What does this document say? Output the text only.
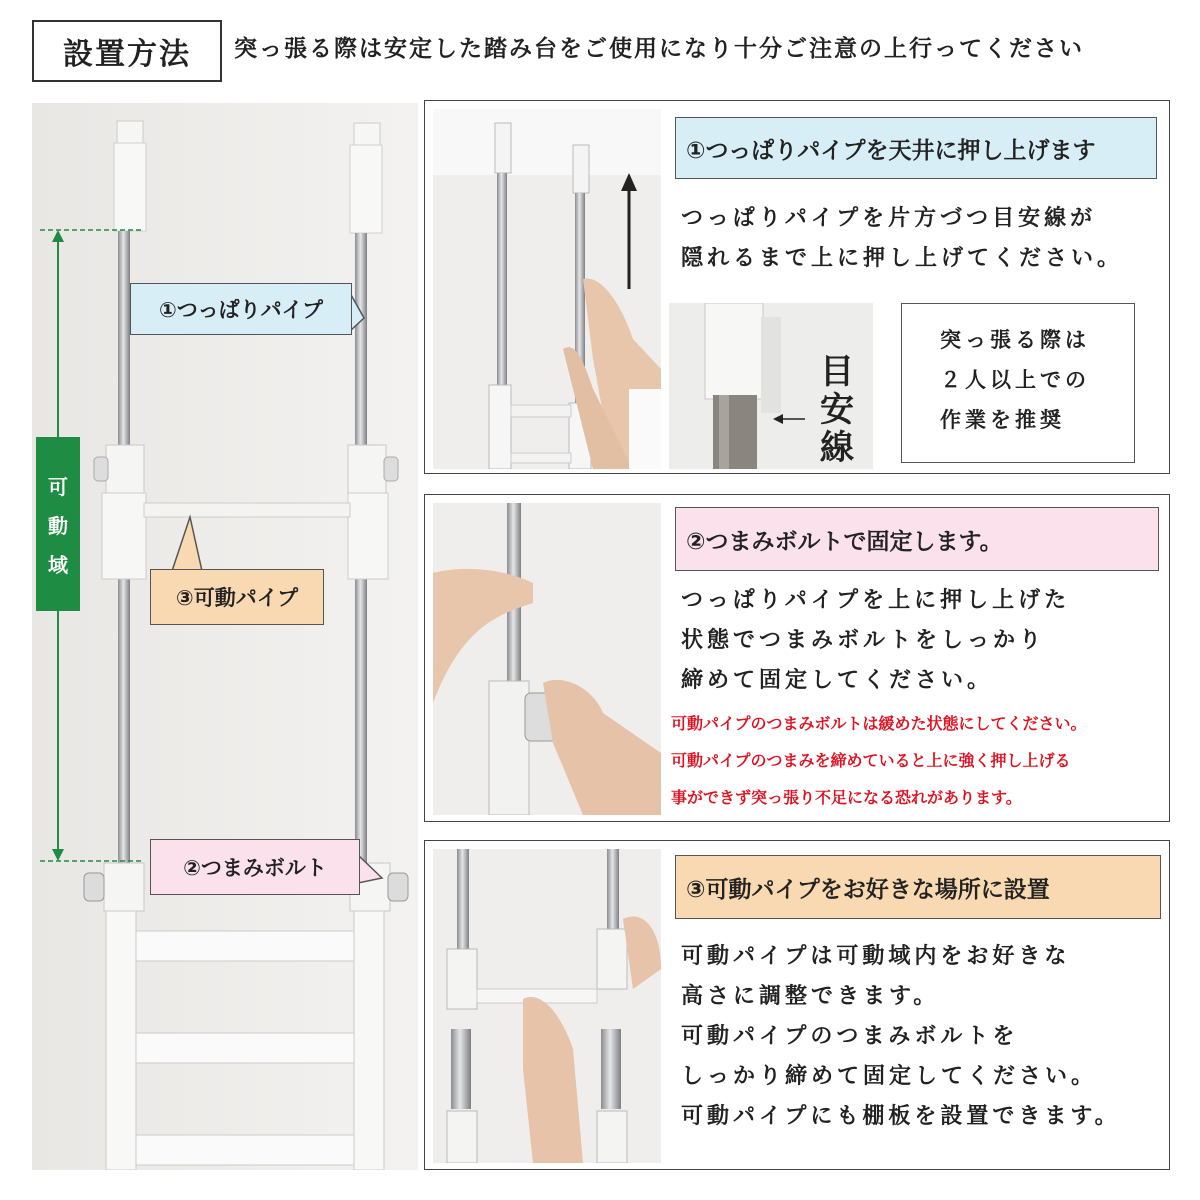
設置方法	突っ張る際は安定した踏み台をご使用になり十分ご注意の上行ってください
①つっぱりパイプ
③可動パイプ
②つまみボルト
可
動
域
目
安
線
①つっぱりパイプを天井に押し上げます
つっぱりパイプを片方づつ目安線が
隠れるまで上に押し上げてください。
突っ張る際は
２人以上での
作業を推奨
②つまみボルトで固定します。
つっぱりパイプを上に押し上げた
状態でつまみボルトをしっかり
締めて固定してください。
可動パイプのつまみボルトは緩めた状態にしてください。
可動パイプのつまみを締めていると上に強く押し上げる
事ができず突っ張り不足になる恐れがあります。
③可動パイプをお好きな場所に設置
可動パイプは可動域内をお好きな
高さに調整できます。
可動パイプのつまみボルトを
しっかり締めて固定してください。
可動パイプにも棚板を設置できます。
